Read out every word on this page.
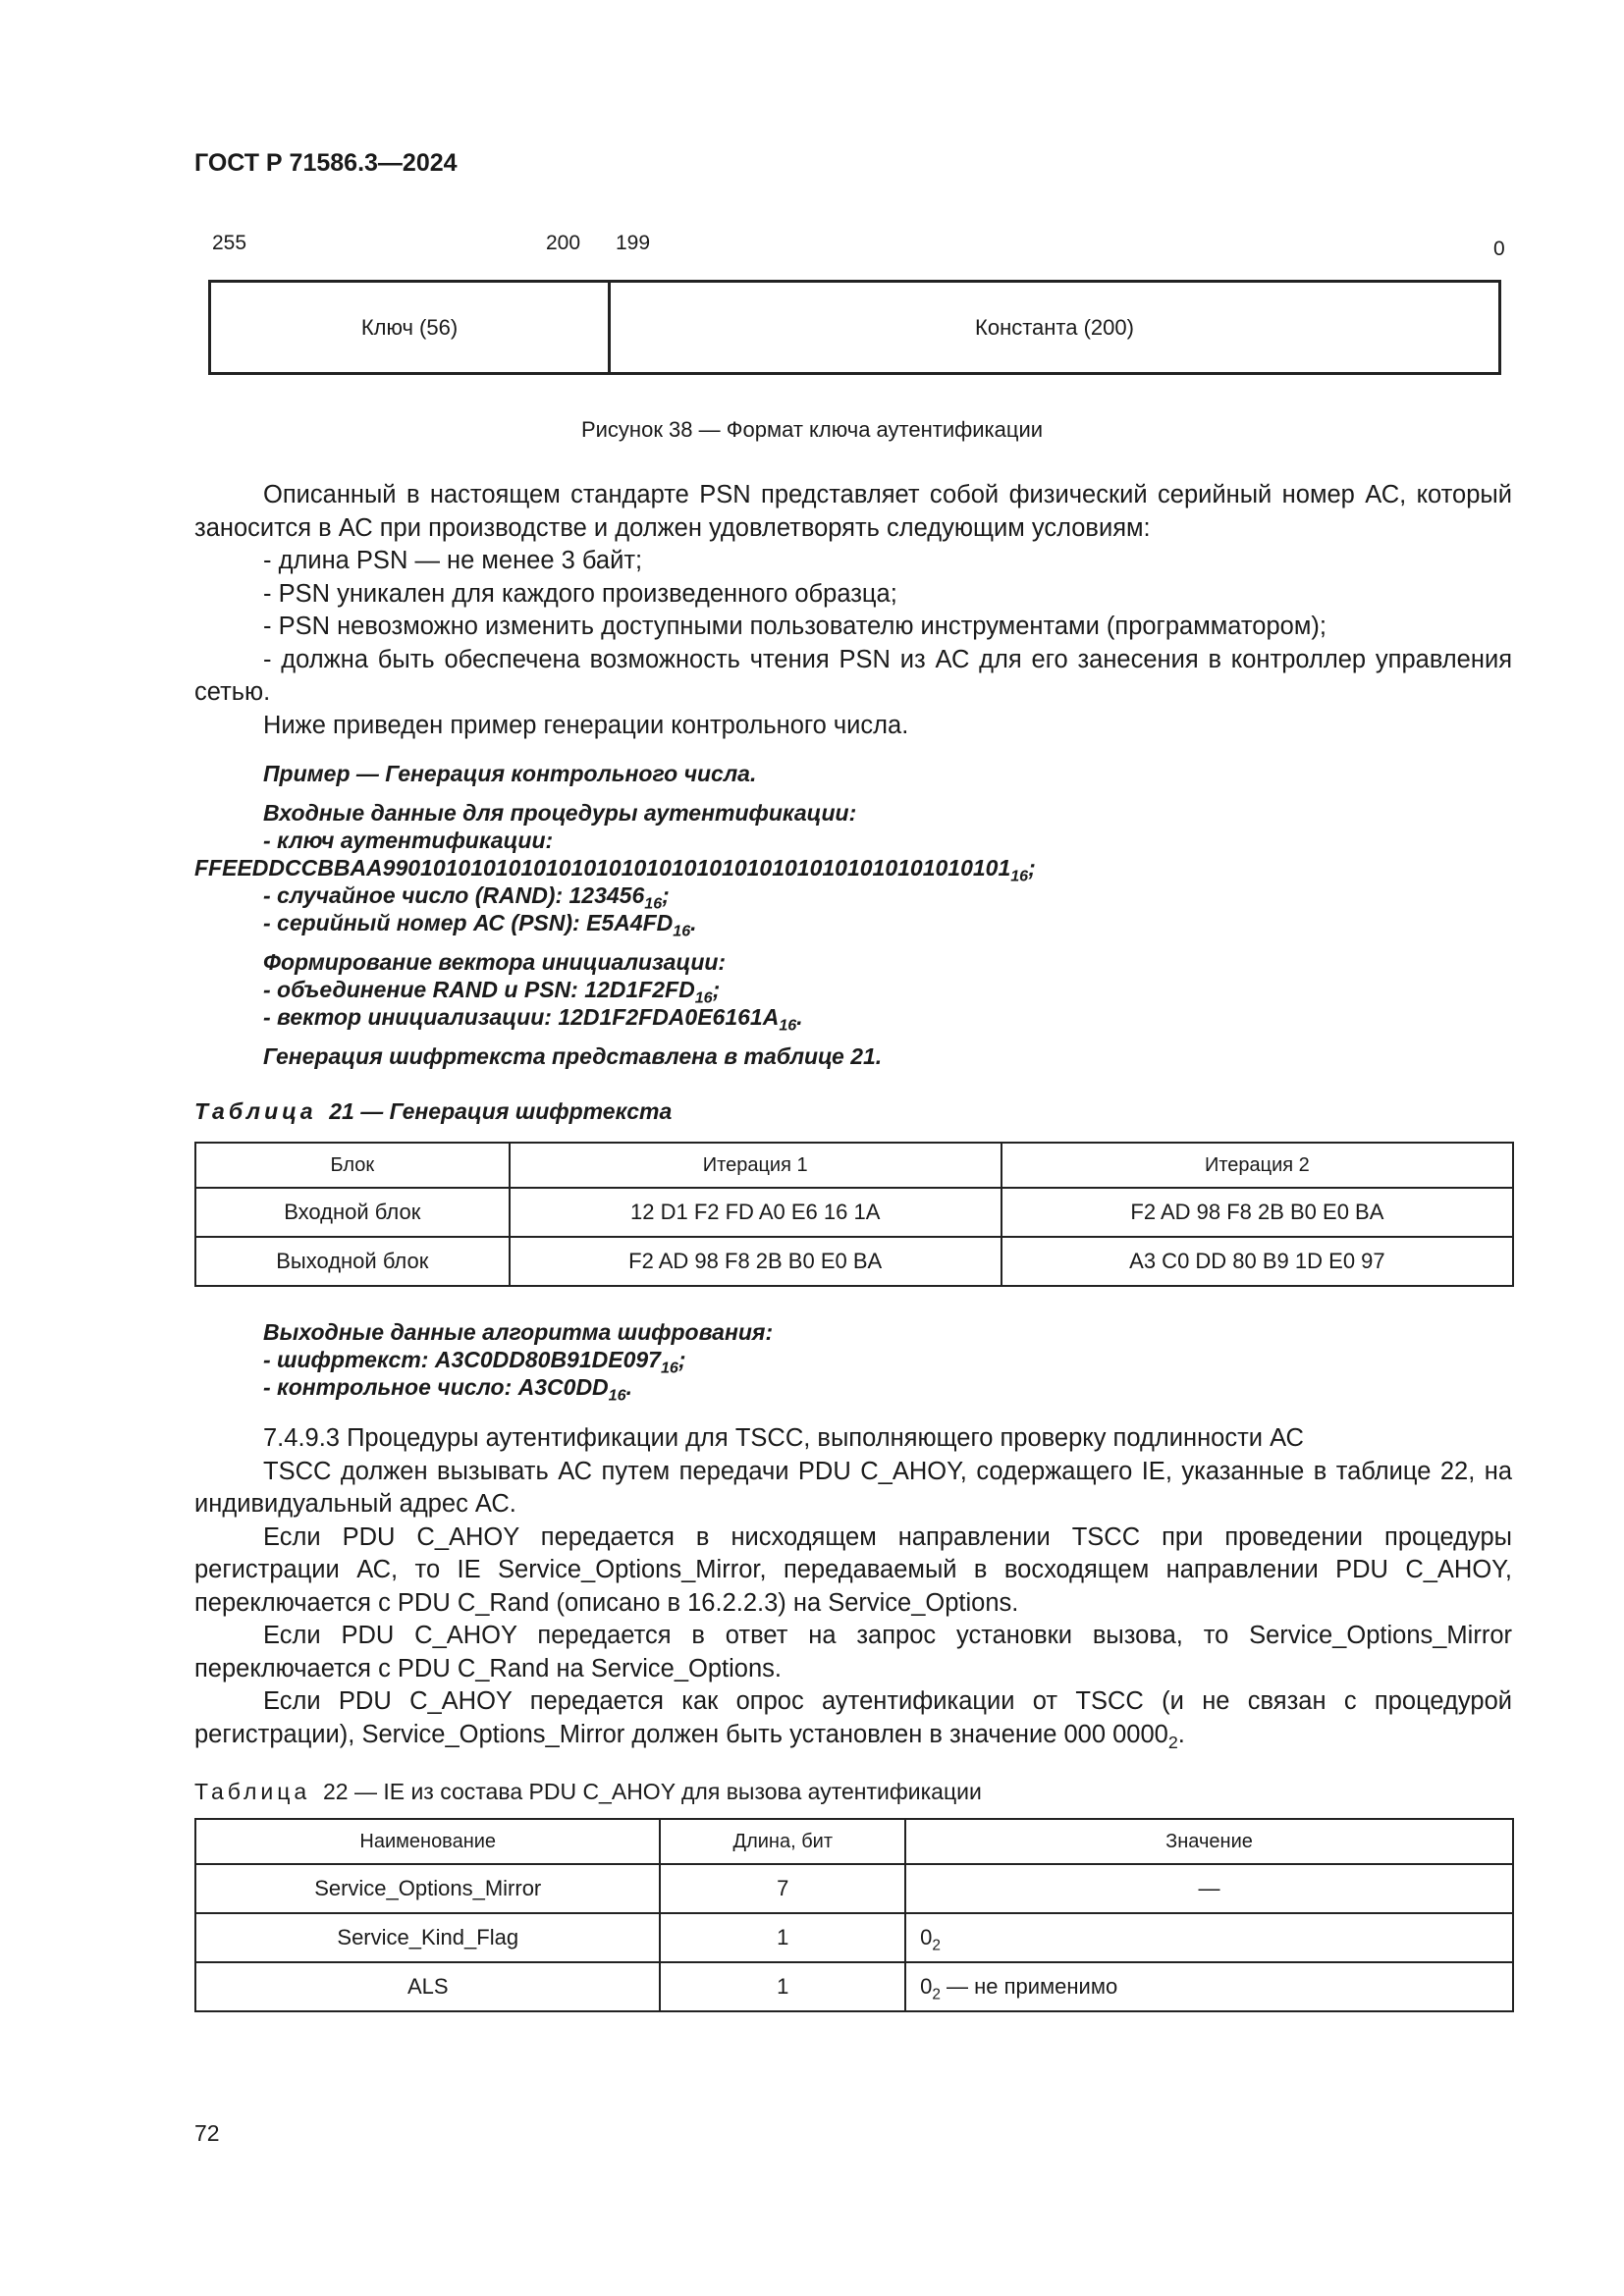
ГОСТ Р 71586.3—2024
255	200 199	0
Ключ (56)	Константа (200)
Рисунок 38 — Формат ключа аутентификации

Описанный в настоящем стандарте PSN представляет собой физический серийный номер АС, который заносится в АС при производстве и должен удовлетворять следующим условиям:

- длина PSN — не менее 3 байт;

- PSN уникален для каждого произведенного образца;

- PSN невозможно изменить доступными пользователю инструментами (программатором);

- должна быть обеспечена возможность чтения PSN из АС для его занесения в контроллер управления сетью.

Ниже приведен пример генерации контрольного числа.

Пример — Генерация контрольного числа.

Входные данные для процедуры аутентификации:

- ключ аутентификации:

$FFEEDDCCBBAA99010101010101010101010101010101010101010101010101_{16}$;

- случайное число (RAND): $123456_{16}$;

- серийный номер АС (PSN): $E5A4FD_{16}$.

Формирование вектора инициализации:

- объединение RAND и PSN: $12D1F2FD_{16}$;

- вектор инициализации: $12D1F2FDA0E6161A_{16}$.

Генерация шифртекста представлена в таблице 21.

Таблица 21 — Генерация шифртекста
Блок	Итерация 1	Итерация 2
Входной блок	12 D1 F2 FD A0 E6 16 1A	F2 AD 98 F8 2B B0 E0 BA
Выходной блок	F2 AD 98 F8 2B B0 E0 BA	A3 C0 DD 80 B9 1D E0 97

Выходные данные алгоритма шифрования:

- шифртекст: $A3C0DD80B91DE097_{16}$;

- контрольное число: $A3C0DD_{16}$.

7.4.9.3 Процедуры аутентификации для TSCC, выполняющего проверку подлинности АС

TSCC должен вызывать АС путем передачи PDU C_AHOY, содержащего IE, указанные в таблице 22, на индивидуальный адрес АС.

Если PDU C_AHOY передается в нисходящем направлении TSCC при проведении процедуры регистрации АС, то IE Service_Options_Mirror, передаваемый в восходящем направлении PDU C_AHOY, переключается с PDU C_Rand (описано в 16.2.2.3) на Service_Options.

Если PDU C_AHOY передается в ответ на запрос установки вызова, то Service_Options_Mirror переключается с PDU C_Rand на Service_Options.

Если PDU C_AHOY передается как опрос аутентификации от TSCC (и не связан с процедурой регистрации), Service_Options_Mirror должен быть установлен в значение 000 $0000_2$.

Таблица 22 — IE из состава PDU C_AHOY для вызова аутентификации
Наименование	Длина, бит	Значение
Service_Options_Mirror	7	—
Service_Kind_Flag	1	$0_2$
ALS	1	$0_2$ — не применимо
72
